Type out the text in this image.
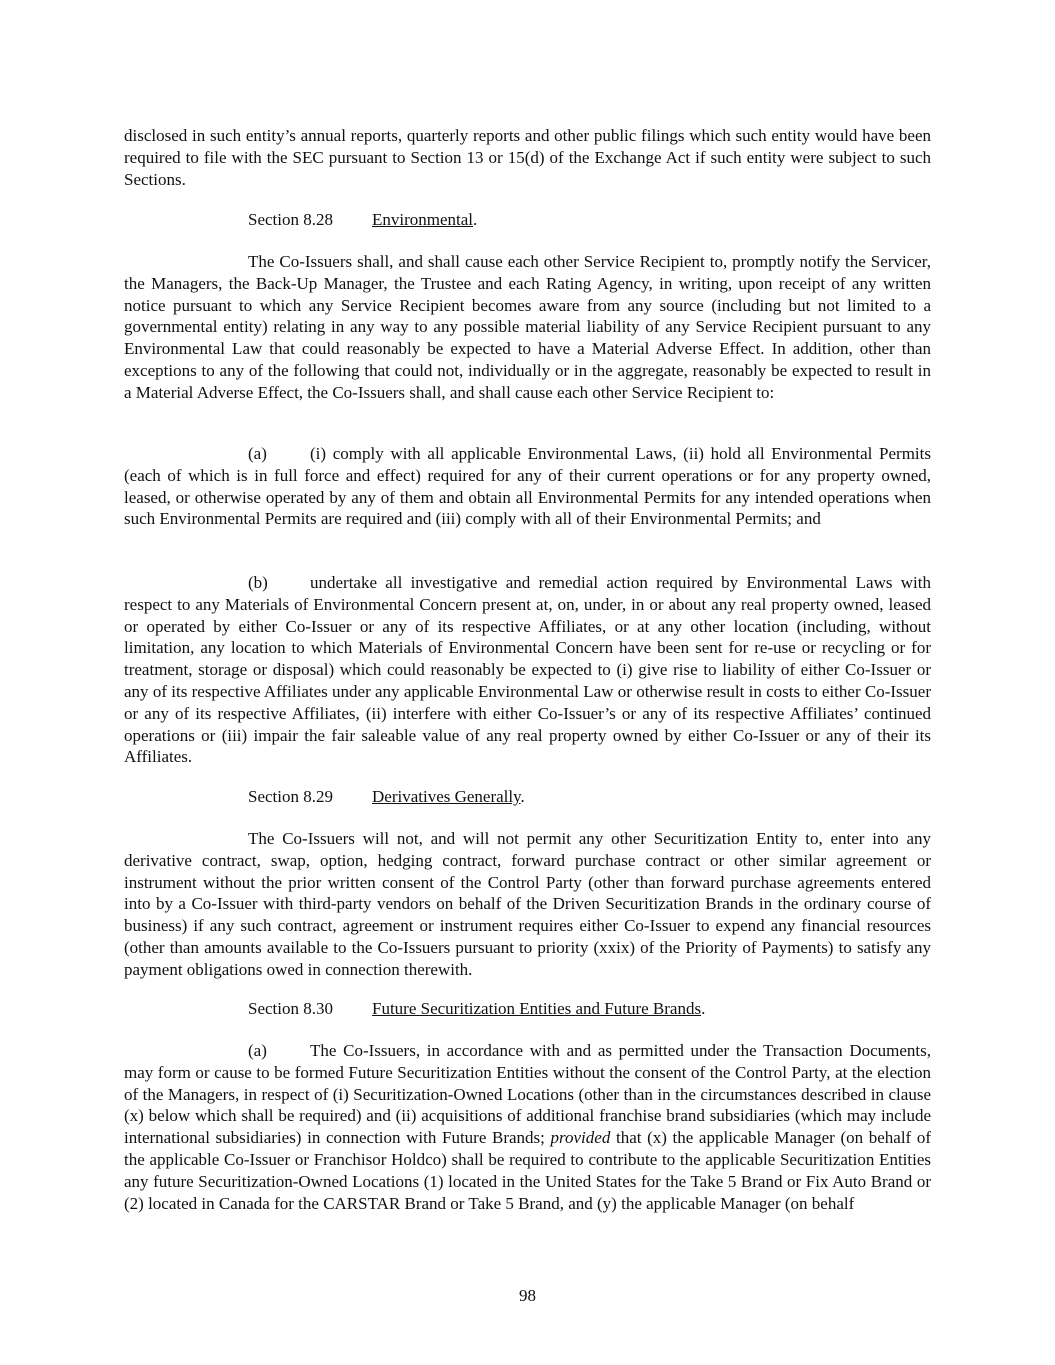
disclosed in such entity’s annual reports, quarterly reports and other public filings which such entity would have been required to file with the SEC pursuant to Section 13 or 15(d) of the Exchange Act if such entity were subject to such Sections.

Section 8.28 Environmental.

The Co-Issuers shall, and shall cause each other Service Recipient to, promptly notify the Servicer, the Managers, the Back-Up Manager, the Trustee and each Rating Agency, in writing, upon receipt of any written notice pursuant to which any Service Recipient becomes aware from any source (including but not limited to a governmental entity) relating in any way to any possible material liability of any Service Recipient pursuant to any Environmental Law that could reasonably be expected to have a Material Adverse Effect. In addition, other than exceptions to any of the following that could not, individually or in the aggregate, reasonably be expected to result in a Material Adverse Effect, the Co-Issuers shall, and shall cause each other Service Recipient to:

(a)	(i) comply with all applicable Environmental Laws, (ii) hold all Environmental Permits (each of which is in full force and effect) required for any of their current operations or for any property owned, leased, or otherwise operated by any of them and obtain all Environmental Permits for any intended operations when such Environmental Permits are required and (iii) comply with all of their Environmental Permits; and

(b) undertake all investigative and remedial action required by Environmental Laws with respect to any Materials of Environmental Concern present at, on, under, in or about any real property owned, leased or operated by either Co-Issuer or any of its respective Affiliates, or at any other location (including, without limitation, any location to which Materials of Environmental Concern have been sent for re-use or recycling or for treatment, storage or disposal) which could reasonably be expected to (i) give rise to liability of either Co-Issuer or any of its respective Affiliates under any applicable Environmental Law or otherwise result in costs to either Co-Issuer or any of its respective Affiliates, (ii) interfere with either Co-Issuer’s or any of its respective Affiliates’ continued operations or (iii) impair the fair saleable value of any real property owned by either Co-Issuer or any of their its Affiliates.

Section 8.29 Derivatives Generally.

The Co-Issuers will not, and will not permit any other Securitization Entity to, enter into any derivative contract, swap, option, hedging contract, forward purchase contract or other similar agreement or instrument without the prior written consent of the Control Party (other than forward purchase agreements entered into by a Co-Issuer with third-party vendors on behalf of the Driven Securitization Brands in the ordinary course of business) if any such contract, agreement or instrument requires either Co-Issuer to expend any financial resources (other than amounts available to the Co-Issuers pursuant to priority (xxix) of the Priority of Payments) to satisfy any payment obligations owed in connection therewith.

Section 8.30 Future Securitization Entities and Future Brands.

(a)	The Co-Issuers, in accordance with and as permitted under the Transaction Documents, may form or cause to be formed Future Securitization Entities without the consent of the Control Party, at the election of the Managers, in respect of (i) Securitization-Owned Locations (other than in the circumstances described in clause (x) below which shall be required) and (ii) acquisitions of additional franchise brand subsidiaries (which may include international subsidiaries) in connection with Future Brands; provided that (x) the applicable Manager (on behalf of the applicable Co-Issuer or Franchisor Holdco) shall be required to contribute to the applicable Securitization Entities any future Securitization-Owned Locations (1) located in the United States for the Take 5 Brand or Fix Auto Brand or (2) located in Canada for the CARSTAR Brand or Take 5 Brand, and (y) the applicable Manager (on behalf

98
